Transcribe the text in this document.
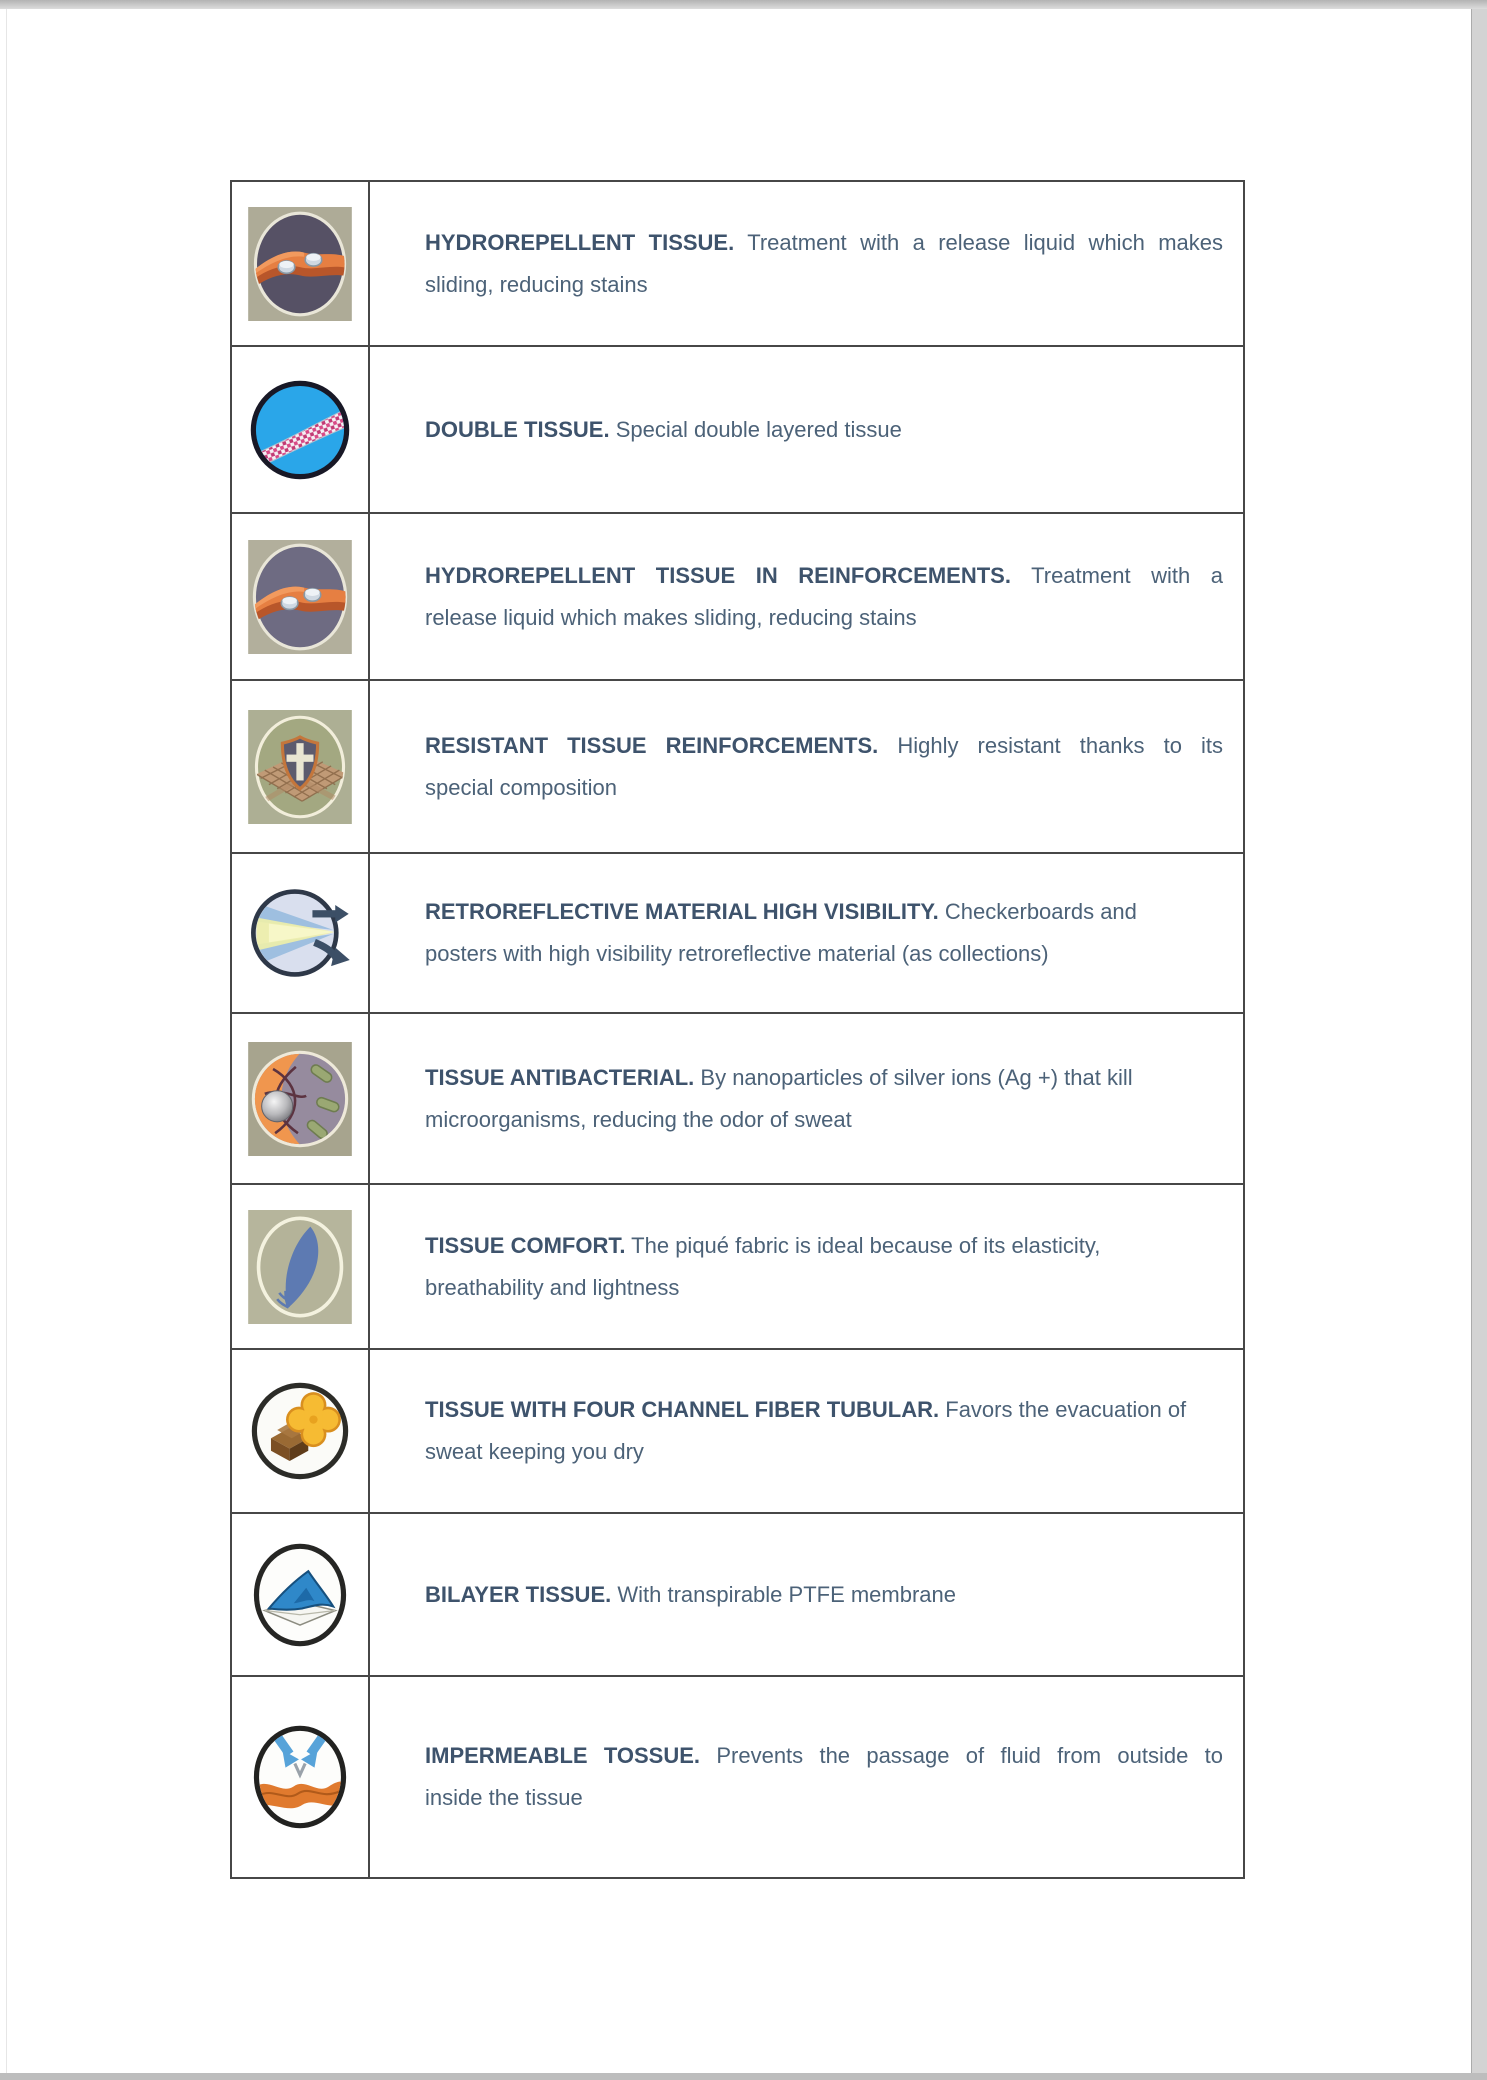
HYDROREPELLENT TISSUE. Treatment with a release liquid which makes
sliding, reducing stains
DOUBLE TISSUE. Special double layered tissue
HYDROREPELLENT TISSUE IN REINFORCEMENTS. Treatment with a
release liquid which makes sliding, reducing stains
RESISTANT TISSUE REINFORCEMENTS. Highly resistant thanks to its
special composition
RETROREFLECTIVE MATERIAL HIGH VISIBILITY. Checkerboards and
posters with high visibility retroreflective material (as collections)
TISSUE ANTIBACTERIAL. By nanoparticles of silver ions (Ag +) that kill
microorganisms, reducing the odor of sweat
TISSUE COMFORT. The piqué fabric is ideal because of its elasticity,
breathability and lightness
TISSUE WITH FOUR CHANNEL FIBER TUBULAR. Favors the evacuation of
sweat keeping you dry
BILAYER TISSUE. With transpirable PTFE membrane
IMPERMEABLE TOSSUE. Prevents the passage of fluid from outside to
inside the tissue
